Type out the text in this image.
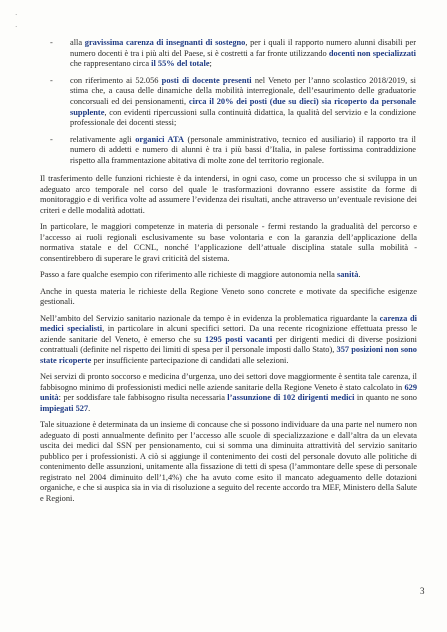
·
·
- alla gravissima carenza di insegnanti di sostegno, per i quali il rapporto numero alunni disabili per numero docenti è tra i più alti del Paese, si è costretti a far fronte utilizzando docenti non specializzati che rappresentano circa il 55% del totale;
- con riferimento ai 52.056 posti di docente presenti nel Veneto per l’anno scolastico 2018/2019, si stima che, a causa delle dinamiche della mobilità interregionale, dell’esaurimento delle graduatorie concorsuali ed dei pensionamenti, circa il 20% dei posti (due su dieci) sia ricoperto da personale supplente, con evidenti ripercussioni sulla continuità didattica, la qualità del servizio e la condizione professionale dei docenti stessi;
- relativamente agli organici ATA (personale amministrativo, tecnico ed ausiliario) il rapporto tra il numero di addetti e numero di alunni è tra i più bassi d’Italia, in palese fortissima contraddizione rispetto alla frammentazione abitativa di molte zone del territorio regionale.

Il trasferimento delle funzioni richieste è da intendersi, in ogni caso, come un processo che si sviluppa in un adeguato arco temporale nel corso del quale le trasformazioni dovranno essere assistite da forme di monitoraggio e di verifica volte ad assumere l’evidenza dei risultati, anche attraverso un’eventuale revisione dei criteri e delle modalità adottati.

In particolare, le maggiori competenze in materia di personale - fermi restando la gradualità del percorso e l’accesso ai ruoli regionali esclusivamente su base volontaria e con la garanzia dell’applicazione della normativa statale e del CCNL, nonché l’applicazione dell’attuale disciplina statale sulla mobilità - consentirebbero di superare le gravi criticità del sistema.

Passo a fare qualche esempio con riferimento alle richieste di maggiore autonomia nella sanità.

Anche in questa materia le richieste della Regione Veneto sono concrete e motivate da specifiche esigenze gestionali.

Nell’ambito del Servizio sanitario nazionale da tempo è in evidenza la problematica riguardante la carenza di medici specialisti, in particolare in alcuni specifici settori. Da una recente ricognizione effettuata presso le aziende sanitarie del Veneto, è emerso che su 1295 posti vacanti per dirigenti medici di diverse posizioni contrattuali (definite nel rispetto dei limiti di spesa per il personale imposti dallo Stato), 357 posizioni non sono state ricoperte per insufficiente partecipazione di candidati alle selezioni.

Nei servizi di pronto soccorso e medicina d’urgenza, uno dei settori dove maggiormente è sentita tale carenza, il fabbisogno minimo di professionisti medici nelle aziende sanitarie della Regione Veneto è stato calcolato in 629 unità: per soddisfare tale fabbisogno risulta necessaria l’assunzione di 102 dirigenti medici in quanto ne sono impiegati 527.

Tale situazione è determinata da un insieme di concause che si possono individuare da una parte nel numero non adeguato di posti annualmente definito per l’accesso alle scuole di specializzazione e dall’altra da un elevata uscita dei medici dal SSN per pensionamento, cui si somma una diminuita attrattività del servizio sanitario pubblico per i professionisti. A ciò si aggiunge il contenimento dei costi del personale dovuto alle politiche di contenimento delle assunzioni, unitamente alla fissazione di tetti di spesa (l’ammontare delle spese di personale registrato nel 2004 diminuito dell’1,4%) che ha avuto come esito il mancato adeguamento delle dotazioni organiche, e che si auspica sia in via di risoluzione a seguito del recente accordo tra MEF, Ministero della Salute e Regioni.

3
